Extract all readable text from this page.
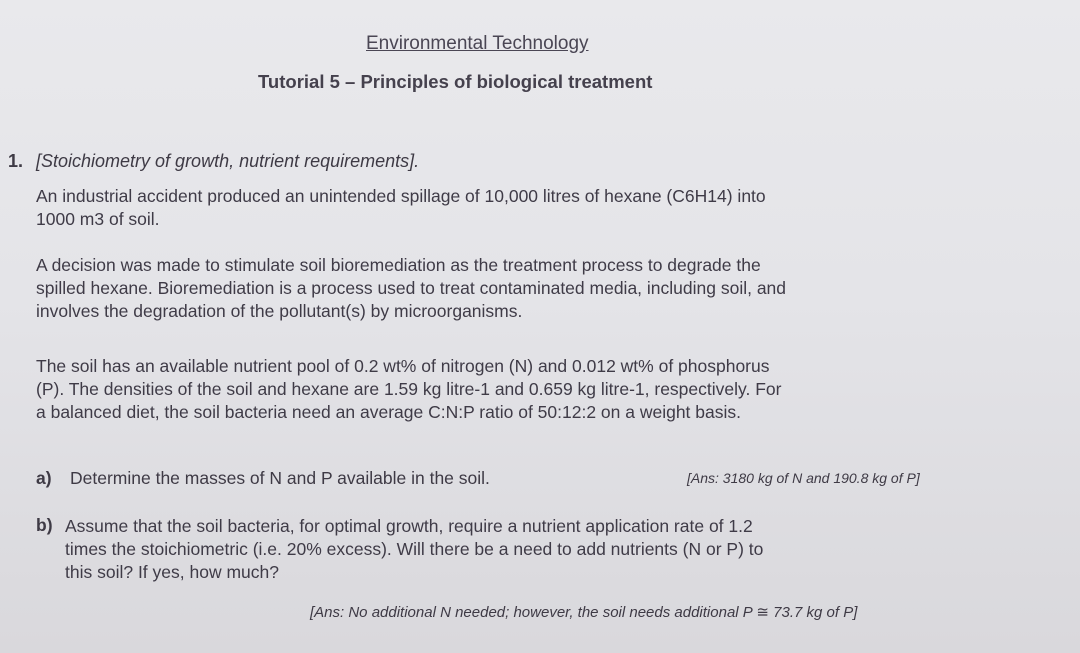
Environmental Technology
Tutorial 5 – Principles of biological treatment
1. [Stoichiometry of growth, nutrient requirements].
An industrial accident produced an unintended spillage of 10,000 litres of hexane (C6H14) into
1000 m3 of soil.
A decision was made to stimulate soil bioremediation as the treatment process to degrade the
spilled hexane. Bioremediation is a process used to treat contaminated media, including soil, and
involves the degradation of the pollutant(s) by microorganisms.
The soil has an available nutrient pool of 0.2 wt% of nitrogen (N) and 0.012 wt% of phosphorus
(P). The densities of the soil and hexane are 1.59 kg litre-1 and 0.659 kg litre-1, respectively. For
a balanced diet, the soil bacteria need an average C:N:P ratio of 50:12:2 on a weight basis.
a) Determine the masses of N and P available in the soil.	[Ans: 3180 kg of N and 190.8 kg of P]
b) Assume that the soil bacteria, for optimal growth, require a nutrient application rate of 1.2
times the stoichiometric (i.e. 20% excess). Will there be a need to add nutrients (N or P) to
this soil? If yes, how much?
[Ans: No additional N needed; however, the soil needs additional P ≅ 73.7 kg of P]
